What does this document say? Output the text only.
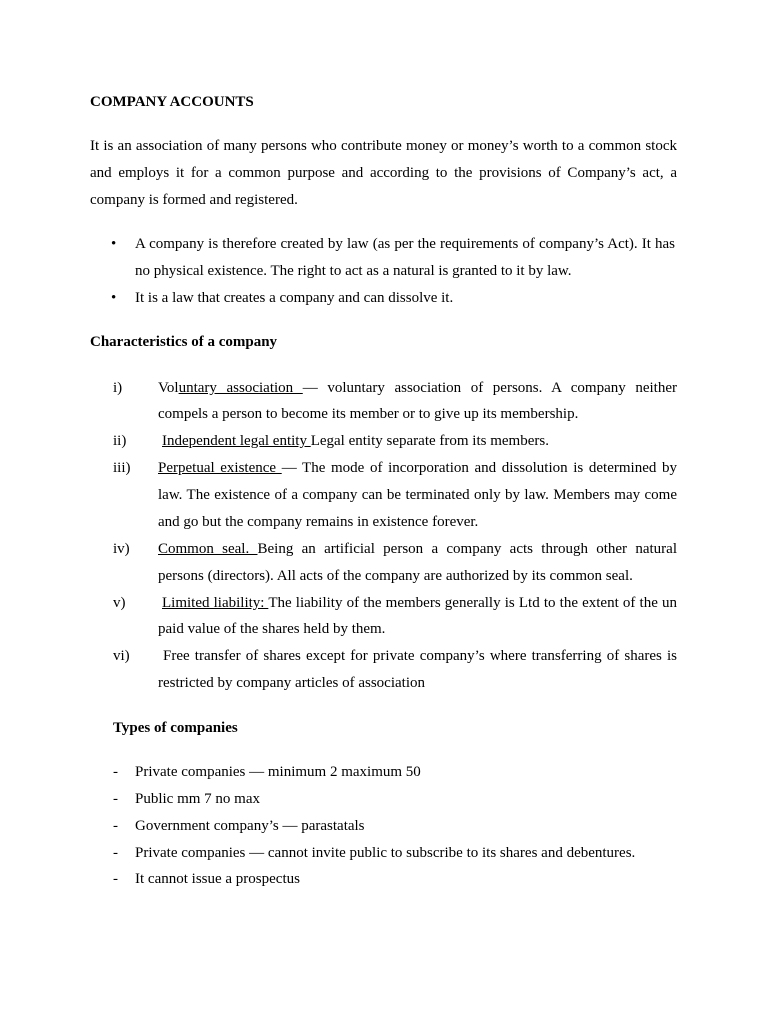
COMPANY ACCOUNTS
It is an association of many persons who contribute money or money’s worth to a common stock
and employs it for a common purpose and according to the provisions of Company’s act, a
company is formed and registered.
• A company is therefore created by law (as per the requirements of company’s Act). It has
no physical existence. The right to act as a natural is granted to it by law.
• It is a law that creates a company and can dissolve it.
Characteristics of a company
i) Voluntary association — voluntary association of persons. A company neither
compels a person to become its member or to give up its membership.
ii) Independent legal entity Legal entity separate from its members.
iii) Perpetual existence — The mode of incorporation and dissolution is determined by
law. The existence of a company can be terminated only by law. Members may come
and go but the company remains in existence forever.
iv) Common seal. Being an artificial person a company acts through other natural
persons (directors). All acts of the company are authorized by its common seal.
v) Limited liability: The liability of the members generally is Ltd to the extent of the un
paid value of the shares held by them.
vi) Free transfer of shares except for private company’s where transferring of shares is
restricted by company articles of association
Types of companies
- Private companies — minimum 2 maximum 50
- Public mm 7 no max
- Government company’s — parastatals
- Private companies — cannot invite public to subscribe to its shares and debentures.
- It cannot issue a prospectus
